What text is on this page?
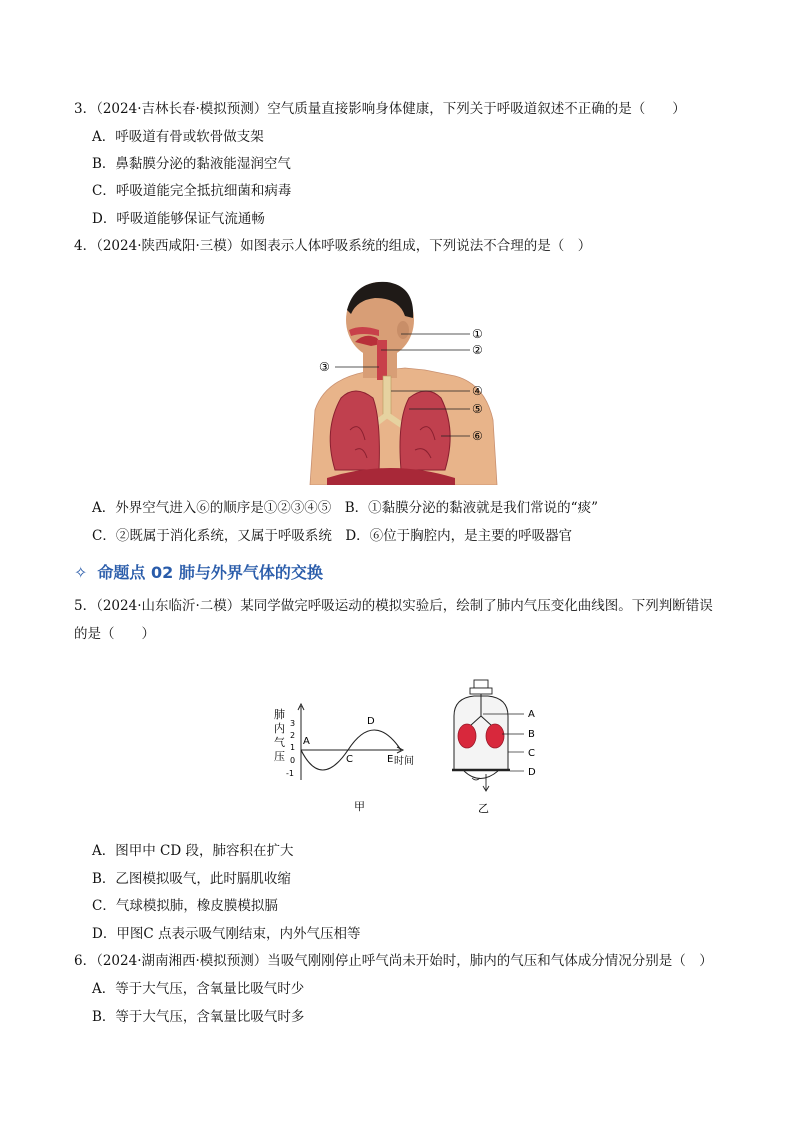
3．（2024·吉林长春·模拟预测）空气质量直接影响身体健康，下列关于呼吸道叙述不正确的是（　　）
A．呼吸道有骨或软骨做支架
B．鼻黏膜分泌的黏液能湿润空气
C．呼吸道能完全抵抗细菌和病毒
D．呼吸道能够保证气流通畅
4．（2024·陕西咸阳·三模）如图表示人体呼吸系统的组成，下列说法不合理的是（　）
①
②
③
④
⑤
⑥
A．外界空气进入⑥的顺序是①②③④⑤　B．①黏膜分泌的黏液就是我们常说的“痰”
C．②既属于消化系统，又属于呼吸系统　D．⑥位于胸腔内，是主要的呼吸器官
✧ 命题点 02 肺与外界气体的交换
5．（2024·山东临沂·二模）某同学做完呼吸运动的模拟实验后，绘制了肺内气压变化曲线图。下列判断错误
的是（　　）
肺
内
气
压
3
2
1
0
-1
A
C
D
E 时间
甲
A
B
C
D
乙
A．图甲中 CD 段，肺容积在扩大
B．乙图模拟吸气，此时膈肌收缩
C．气球模拟肺，橡皮膜模拟膈
D．甲图C 点表示吸气刚结束，内外气压相等
6．（2024·湖南湘西·模拟预测）当吸气刚刚停止呼气尚未开始时，肺内的气压和气体成分情况分别是（　）
A．等于大气压，含氧量比吸气时少
B．等于大气压，含氧量比吸气时多
